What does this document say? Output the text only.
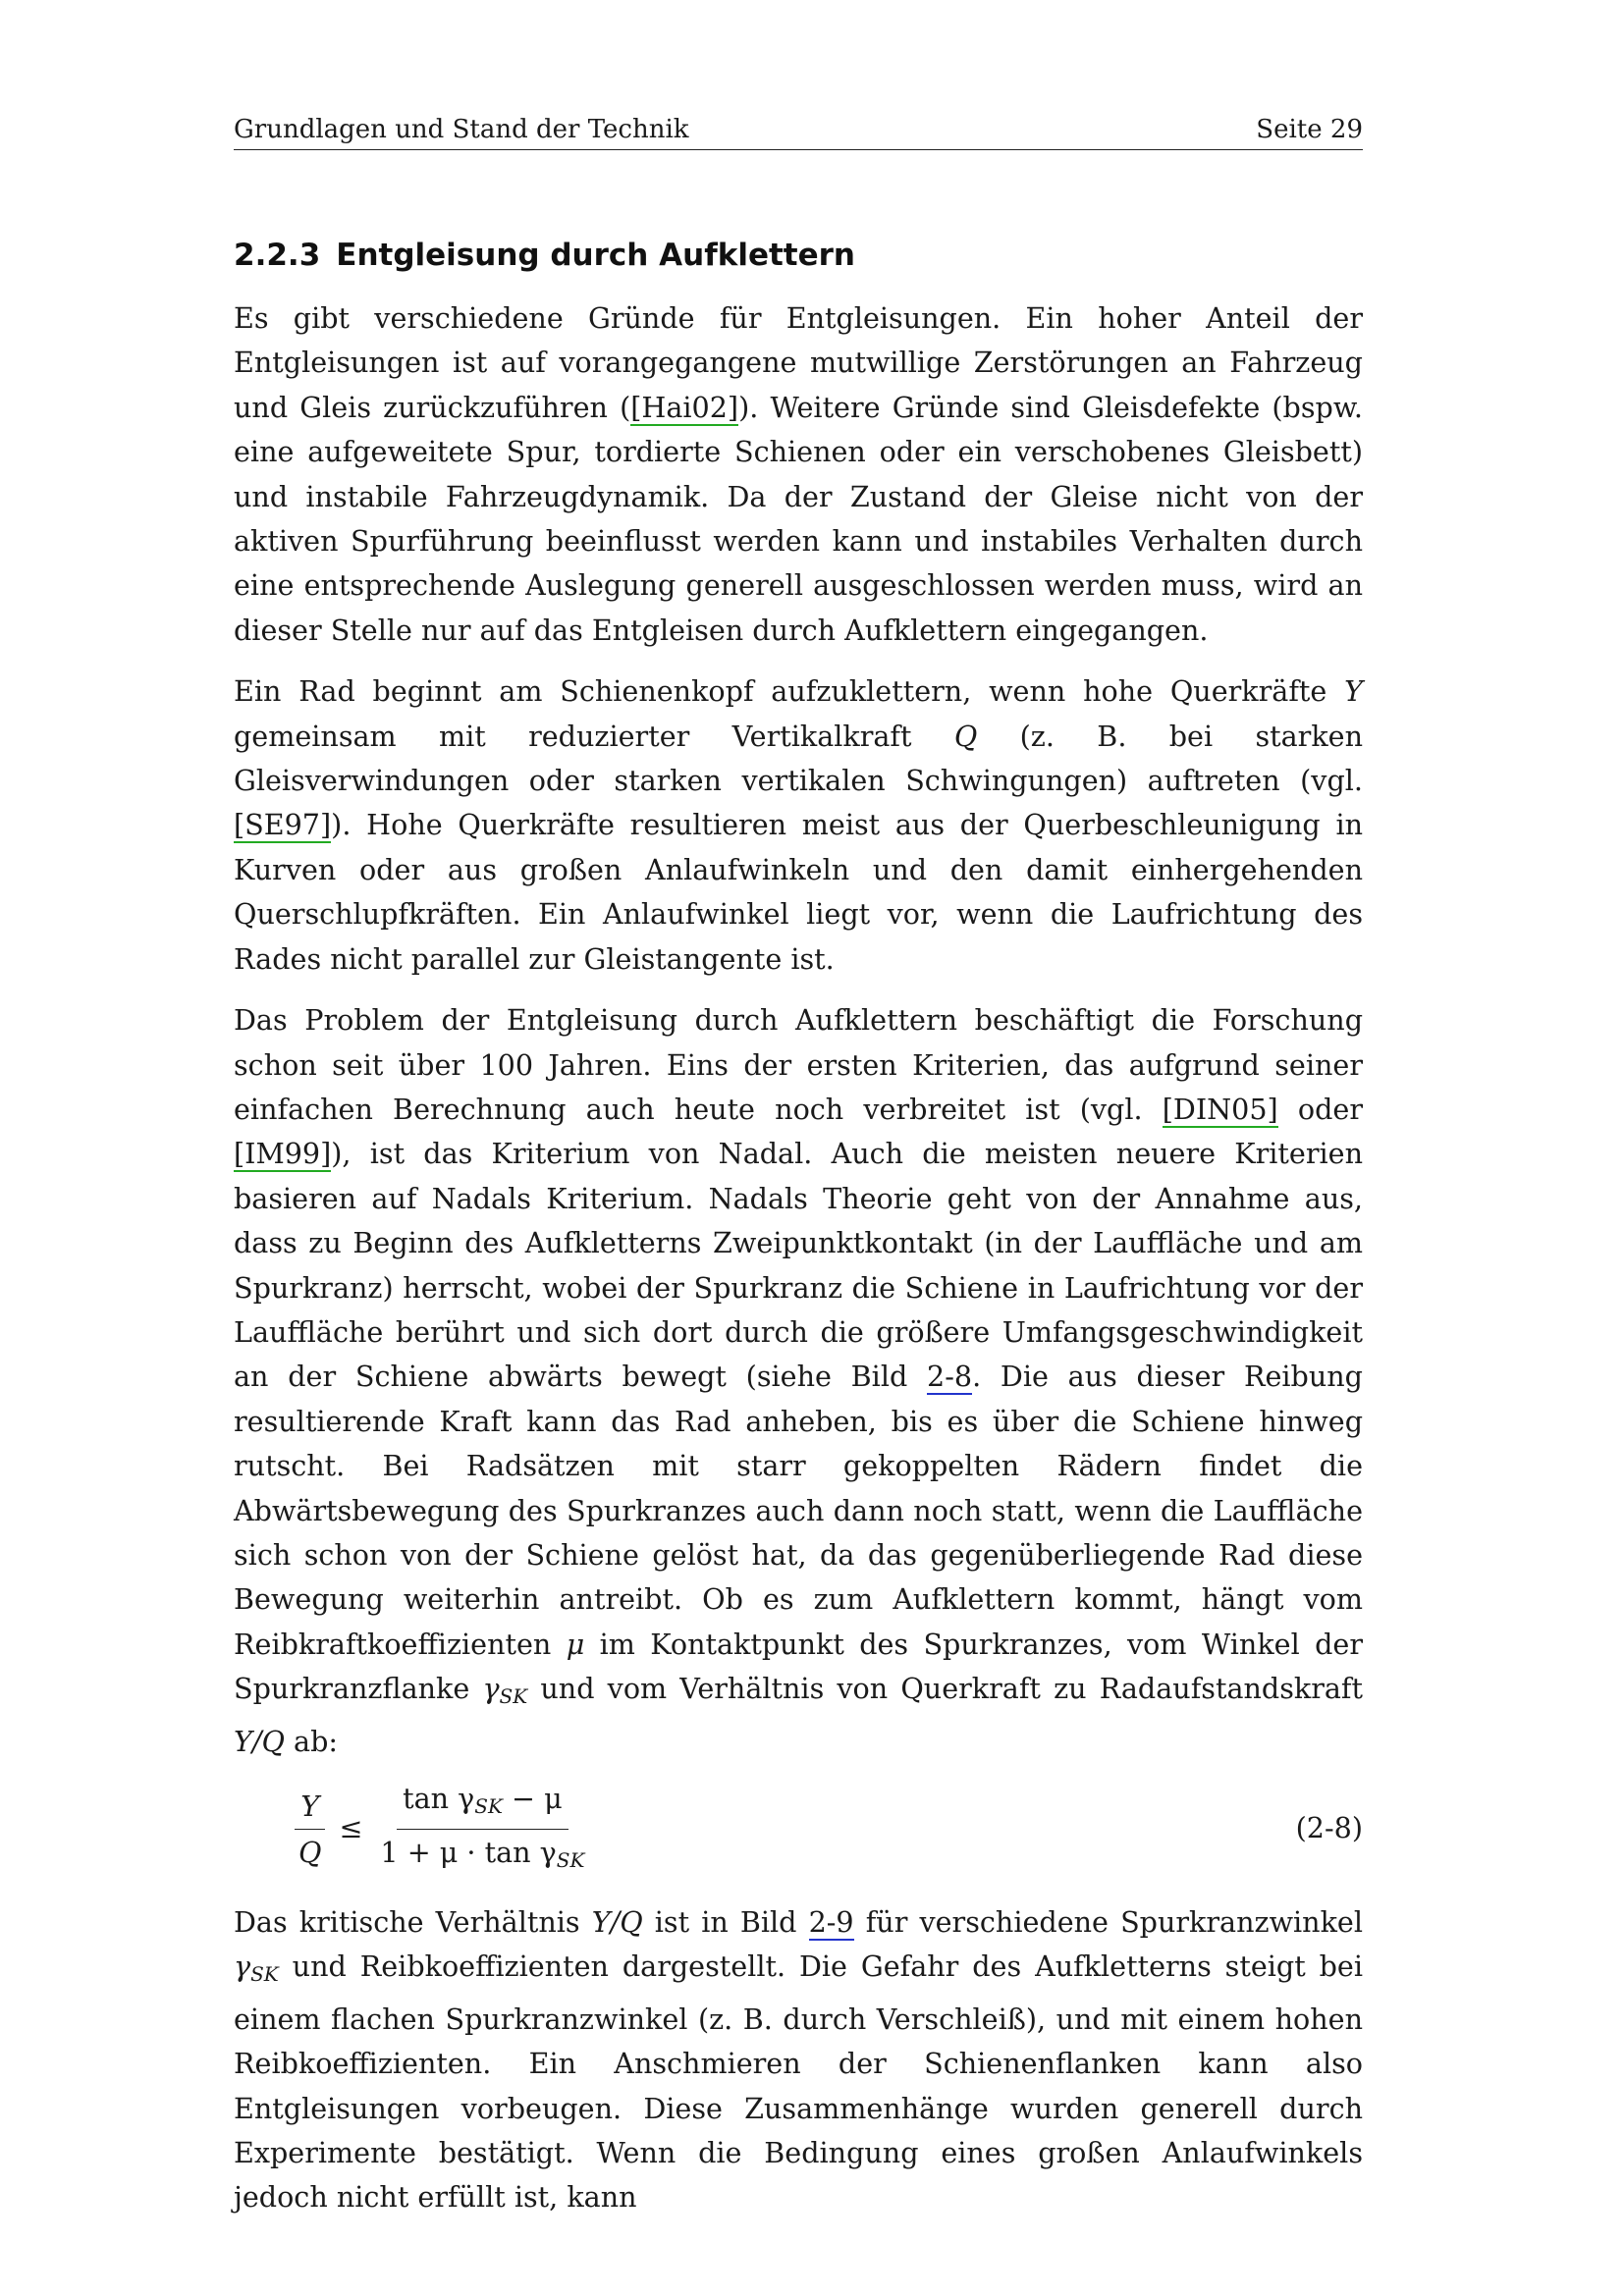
Grundlagen und Stand der Technik	Seite 29
2.2.3 Entgleisung durch Aufklettern

Es gibt verschiedene Gründe für Entgleisungen. Ein hoher Anteil der Entgleisungen ist auf vorangegangene mutwillige Zerstörungen an Fahrzeug und Gleis zurückzuführen ([Hai02]). Weitere Gründe sind Gleisdefekte (bspw. eine aufgeweitete Spur, tordierte Schienen oder ein verschobenes Gleisbett) und instabile Fahrzeugdynamik. Da der Zustand der Gleise nicht von der aktiven Spurführung beeinflusst werden kann und instabiles Verhalten durch eine entsprechende Auslegung generell ausgeschlossen werden muss, wird an dieser Stelle nur auf das Entgleisen durch Aufklettern eingegangen.

Ein Rad beginnt am Schienenkopf aufzuklettern, wenn hohe Querkräfte Y gemeinsam mit reduzierter Vertikalkraft Q (z. B. bei starken Gleisverwindungen oder starken vertikalen Schwingungen) auftreten (vgl. [SE97]). Hohe Querkräfte resultieren meist aus der Querbeschleunigung in Kurven oder aus großen Anlaufwinkeln und den damit einhergehenden Querschlupfkräften. Ein Anlaufwinkel liegt vor, wenn die Laufrichtung des Rades nicht parallel zur Gleistangente ist.

Das Problem der Entgleisung durch Aufklettern beschäftigt die Forschung schon seit über 100 Jahren. Eins der ersten Kriterien, das aufgrund seiner einfachen Berechnung auch heute noch verbreitet ist (vgl. [DIN05] oder [IM99]), ist das Kriterium von Nadal. Auch die meisten neuere Kriterien basieren auf Nadals Kriterium. Nadals Theorie geht von der Annahme aus, dass zu Beginn des Aufkletterns Zweipunktkontakt (in der Lauffläche und am Spurkranz) herrscht, wobei der Spurkranz die Schiene in Laufrichtung vor der Lauffläche berührt und sich dort durch die größere Umfangsgeschwindigkeit an der Schiene abwärts bewegt (siehe Bild 2-8. Die aus dieser Reibung resultierende Kraft kann das Rad anheben, bis es über die Schiene hinweg rutscht. Bei Radsätzen mit starr gekoppelten Rädern findet die Abwärtsbewegung des Spurkranzes auch dann noch statt, wenn die Lauffläche sich schon von der Schiene gelöst hat, da das gegenüberliegende Rad diese Bewegung weiterhin antreibt. Ob es zum Aufklettern kommt, hängt vom Reibkraftkoeffizienten μ im Kontaktpunkt des Spurkranzes, vom Winkel der Spurkranzflanke $\gamma_{SK}$ und vom Verhältnis von Querkraft zu Radaufstandskraft Y/Q ab:

$\frac{Y}{Q} \le \frac{\tan \gamma_{SK} - \mu}{1 + \mu \cdot \tan \gamma_{SK}}$	(2-8)

Das kritische Verhältnis Y/Q ist in Bild 2-9 für verschiedene Spurkranzwinkel $\gamma_{SK}$ und Reibkoeffizienten dargestellt. Die Gefahr des Aufkletterns steigt bei einem flachen Spurkranzwinkel (z. B. durch Verschleiß), und mit einem hohen Reibkoeffizienten. Ein Anschmieren der Schienenflanken kann also Entgleisungen vorbeugen. Diese Zusammenhänge wurden generell durch Experimente bestätigt. Wenn die Bedingung eines großen Anlaufwinkels jedoch nicht erfüllt ist, kann
